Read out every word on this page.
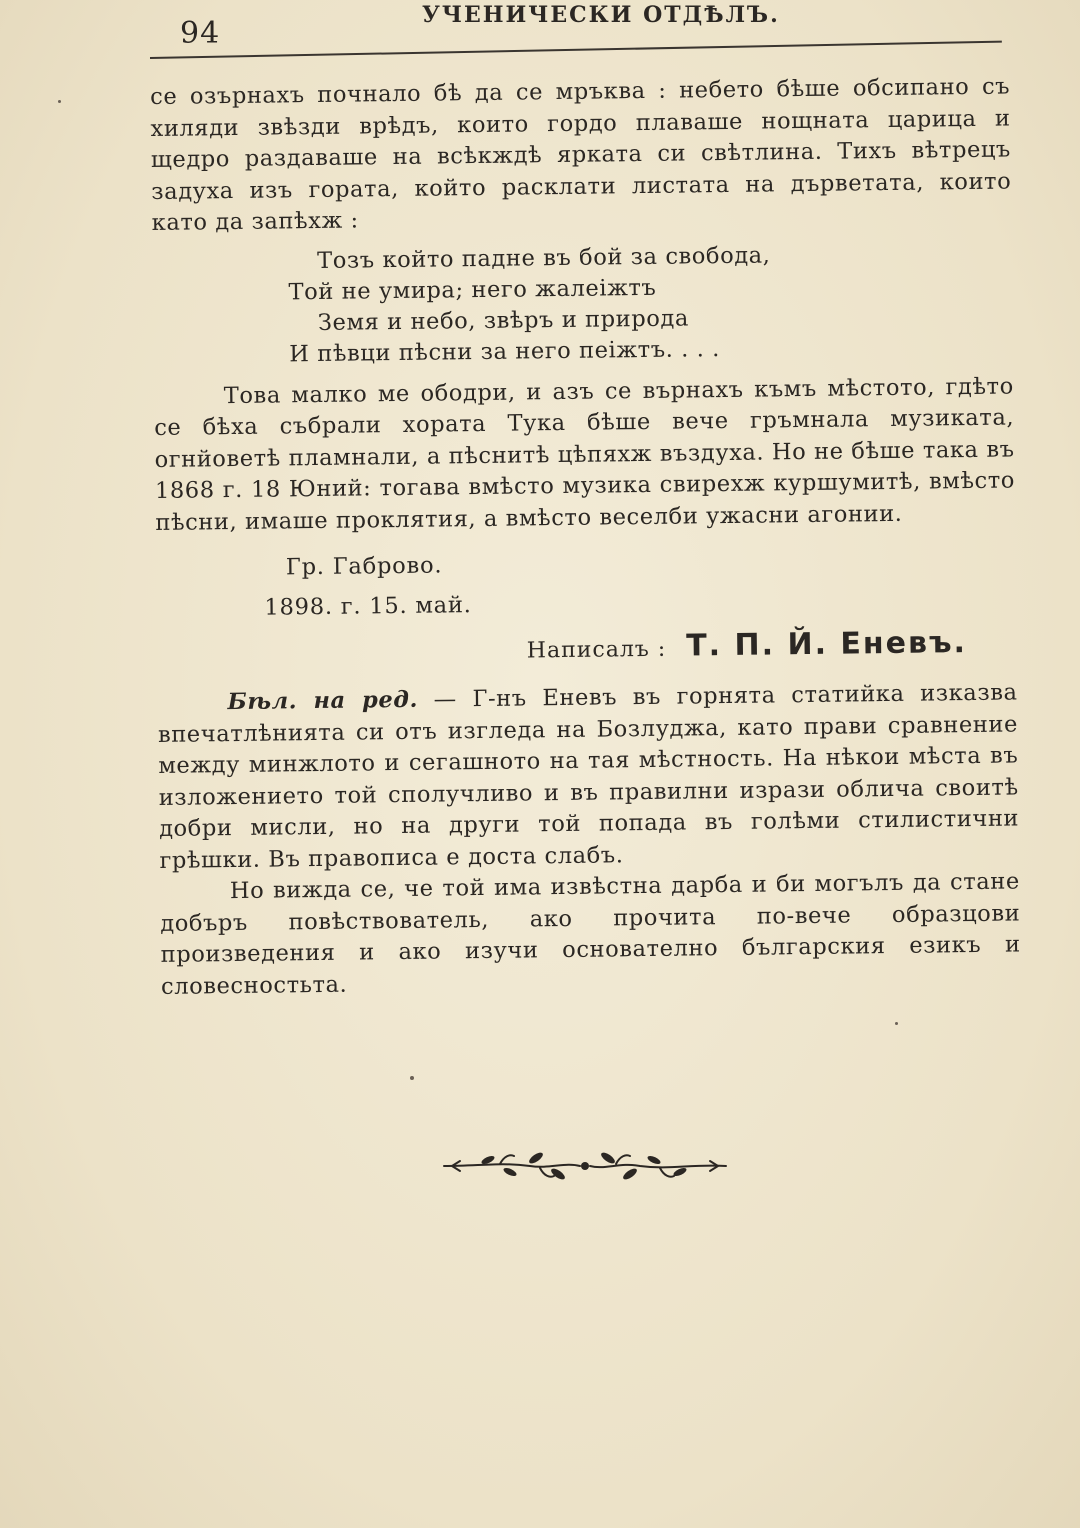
94
УЧЕНИЧЕСКИ ОТДѢЛЪ.

се озърнахъ почнало бѣ да се мръква : небето бѣше обсипано съ хиляди звѣзди врѣдъ, които гордо плаваше нощната царица и щедро раздаваше на всѣкждѣ ярката си свѣтлина. Тихъ вѣтрецъ задуха изъ гората, който расклати листата на дърветата, които като да запѣхж :

Тозъ който падне въ бой за свобода,
Той не умира; него жалеіжтъ
Земя и небо, звѣръ и природа
И пѣвци пѣсни за него пеіжтъ. . . .

Това малко ме ободри, и азъ се върнахъ къмъ мѣстото, гдѣто се бѣха събрали хората Тука бѣше вече гръмнала музиката, огнйоветѣ пламнали, а пѣснитѣ цѣпяхж въздуха. Но не бѣше така въ 1868 г. 18 Юний: тогава вмѣсто музика свирехж куршумитѣ, вмѣсто пѣсни, имаше проклятия, а вмѣсто веселби ужасни агонии.

Гр. Габрово.
1898. г. 15. май.
Написалъ : Т. П. Й. Еневъ.

Бѣл. на ред. — Г-нъ Еневъ въ горнята статийка изказва впечатлѣнията си отъ изгледа на Бозлуджа, като прави сравнение между минжлото и сегашното на тая мѣстность. На нѣкои мѣста въ изложението той сполучливо и въ правилни изрази облича своитѣ добри мисли, но на други той попада въ голѣми стилистични грѣшки. Въ правописа е доста слабъ.

Но вижда се, че той има извѣстна дарба и би могълъ да стане добъръ повѣствователь, ако прочита по-вече образцови произведения и ако изучи основателно българския езикъ и словесностьта.
